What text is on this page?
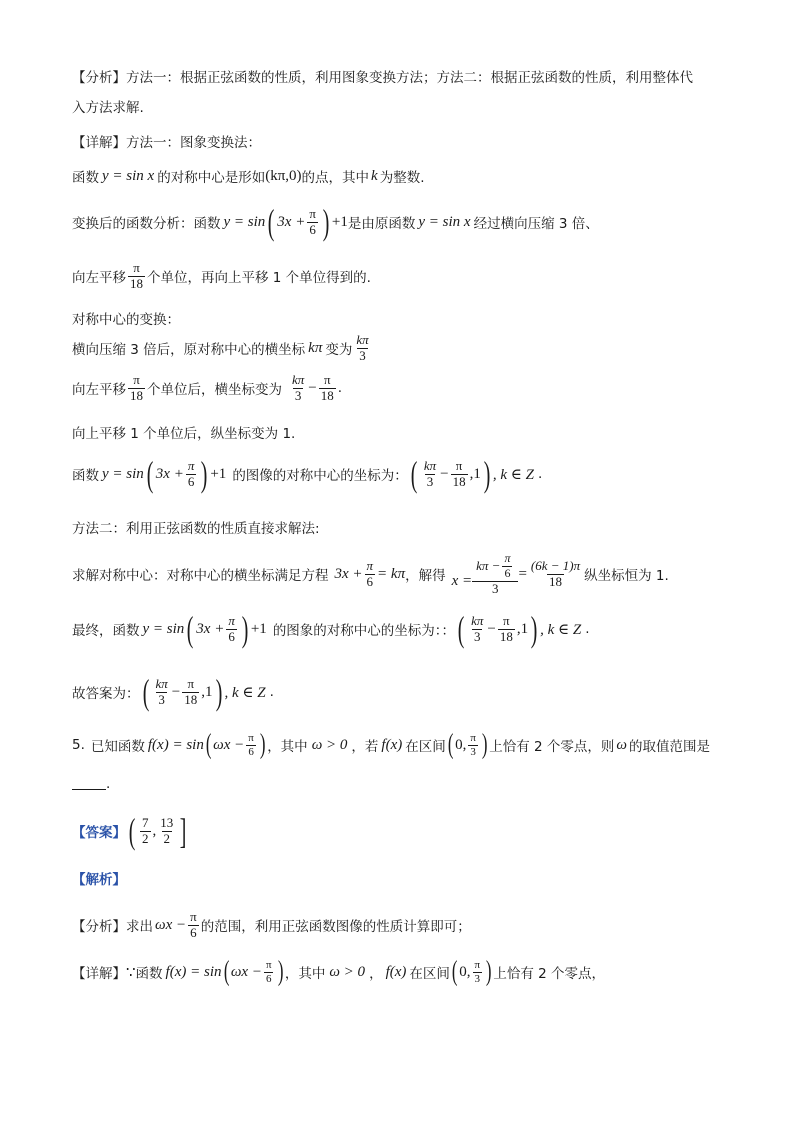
【分析】 方法一：根据正弦函数的性质，利用图象变换方法；方法二：根据正弦函数的性质，利用整体代
入方法求解.
【详解】 方法一：图象变换法：
函数 y = sin x 的对称中心是形如 (kπ,0) 的点，其中 k 为整数.
变换后的函数分析：函数 y = sin ( $3x + \frac{\pi}{6}$ ) +1 是由原函数 y = sin x 经过横向压缩 3 倍、
向左平移 $\frac{\pi}{18}$ 个单位，再向上平移 1 个单位得到的.
对称中心的变换：
横向压缩 3 倍后，原对称中心的横坐标 kπ 变为 $\frac{k\pi}{3}$
向左平移 $\frac{\pi}{18}$ 个单位后，横坐标变为 $\frac{k\pi}{3} - \frac{\pi}{18}$ .
向上平移 1 个单位后，纵坐标变为 1.
函数 y = sin ( $3x + \frac{\pi}{6}$ ) +1 的图像的对称中心的坐标为： ( $\frac{k\pi}{3} - \frac{\pi}{18} ,1$ ) , k ∈ Z .
方法二：利用正弦函数的性质直接求解法:
求解对称中心：对称中心的横坐标满足方程 $3x + \frac{\pi}{6} = k\pi$ ，解得 $x = \frac{k\pi - \frac{\pi}{6}}{3} = \frac{(6k - 1)\pi}{18}$ 纵坐标恒为 1.
最终，函数 y = sin ( $3x + \frac{\pi}{6}$ ) +1 的图象的对称中心的坐标为：： ( $\frac{k\pi}{3} - \frac{\pi}{18} ,1$ ) , k ∈ Z .
故答案为： ( $\frac{k\pi}{3} - \frac{\pi}{18} ,1$ ) , k ∈ Z .
5. 已知函数 f(x) = sin ( $\omega x - \frac{\pi}{6}$ ) ，其中 ω > 0 ，若 f(x) 在区间 ( 0, $\frac{\pi}{3}$ ) 上恰有 2 个零点，则 ω 的取值范围是
.
【答案】 ( $\frac{7}{2}$ , $\frac{13}{2}$ ]
【解析】
【分析】 求出 $\omega x - \frac{\pi}{6}$ 的范围，利用正弦函数图像的性质计算即可；
【详解】 ∵ 函数 f(x) = sin ( $\omega x - \frac{\pi}{6}$ ) ，其中 ω > 0 ， f(x) 在区间 ( 0, $\frac{\pi}{3}$ ) 上恰有 2 个零点，
